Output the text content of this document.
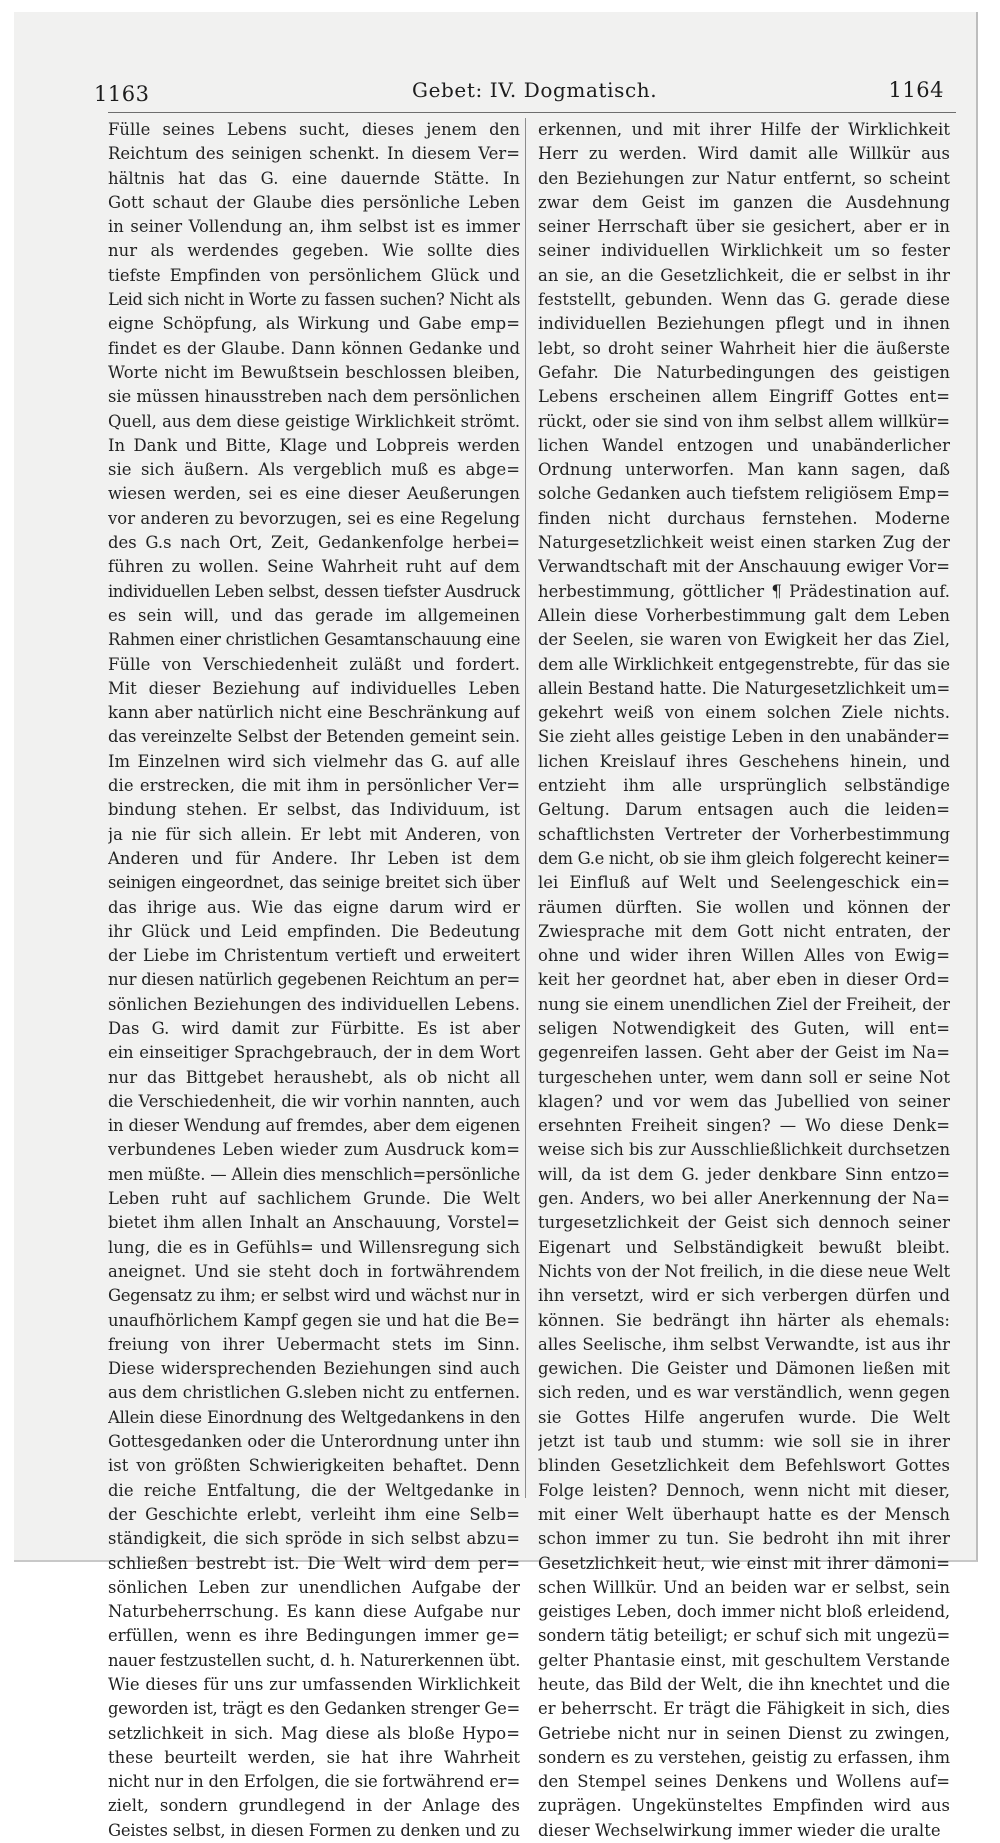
1163	Gebet: IV. Dogmatisch.	1164
Fülle seines Lebens sucht, dieses jenem den
Reichtum des seinigen schenkt. In diesem Ver=
hältnis hat das G. eine dauernde Stätte. In
Gott schaut der Glaube dies persönliche Leben
in seiner Vollendung an, ihm selbst ist es immer
nur als werdendes gegeben. Wie sollte dies
tiefste Empfinden von persönlichem Glück und
Leid sich nicht in Worte zu fassen suchen? Nicht als
eigne Schöpfung, als Wirkung und Gabe emp=
findet es der Glaube. Dann können Gedanke und
Worte nicht im Bewußtsein beschlossen bleiben,
sie müssen hinausstreben nach dem persönlichen
Quell, aus dem diese geistige Wirklichkeit strömt.
In Dank und Bitte, Klage und Lobpreis werden
sie sich äußern. Als vergeblich muß es abge=
wiesen werden, sei es eine dieser Aeußerungen
vor anderen zu bevorzugen, sei es eine Regelung
des G.s nach Ort, Zeit, Gedankenfolge herbei=
führen zu wollen. Seine Wahrheit ruht auf dem
individuellen Leben selbst, dessen tiefster Ausdruck
es sein will, und das gerade im allgemeinen
Rahmen einer christlichen Gesamtanschauung eine
Fülle von Verschiedenheit zuläßt und fordert.
Mit dieser Beziehung auf individuelles Leben
kann aber natürlich nicht eine Beschränkung auf
das vereinzelte Selbst der Betenden gemeint sein.
Im Einzelnen wird sich vielmehr das G. auf alle
die erstrecken, die mit ihm in persönlicher Ver=
bindung stehen. Er selbst, das Individuum, ist
ja nie für sich allein. Er lebt mit Anderen, von
Anderen und für Andere. Ihr Leben ist dem
seinigen eingeordnet, das seinige breitet sich über
das ihrige aus. Wie das eigne darum wird er
ihr Glück und Leid empfinden. Die Bedeutung
der Liebe im Christentum vertieft und erweitert
nur diesen natürlich gegebenen Reichtum an per=
sönlichen Beziehungen des individuellen Lebens.
Das G. wird damit zur Fürbitte. Es ist aber
ein einseitiger Sprachgebrauch, der in dem Wort
nur das Bittgebet heraushebt, als ob nicht all
die Verschiedenheit, die wir vorhin nannten, auch
in dieser Wendung auf fremdes, aber dem eigenen
verbundenes Leben wieder zum Ausdruck kom=
men müßte. — Allein dies menschlich=persönliche
Leben ruht auf sachlichem Grunde. Die Welt
bietet ihm allen Inhalt an Anschauung, Vorstel=
lung, die es in Gefühls= und Willensregung sich
aneignet. Und sie steht doch in fortwährendem
Gegensatz zu ihm; er selbst wird und wächst nur in
unaufhörlichem Kampf gegen sie und hat die Be=
freiung von ihrer Uebermacht stets im Sinn.
Diese widersprechenden Beziehungen sind auch
aus dem christlichen G.sleben nicht zu entfernen.
Allein diese Einordnung des Weltgedankens in den
Gottesgedanken oder die Unterordnung unter ihn
ist von größten Schwierigkeiten behaftet. Denn
die reiche Entfaltung, die der Weltgedanke in
der Geschichte erlebt, verleiht ihm eine Selb=
ständigkeit, die sich spröde in sich selbst abzu=
schließen bestrebt ist. Die Welt wird dem per=
sönlichen Leben zur unendlichen Aufgabe der
Naturbeherrschung. Es kann diese Aufgabe nur
erfüllen, wenn es ihre Bedingungen immer ge=
nauer festzustellen sucht, d. h. Naturerkennen übt.
Wie dieses für uns zur umfassenden Wirklichkeit
geworden ist, trägt es den Gedanken strenger Ge=
setzlichkeit in sich. Mag diese als bloße Hypo=
these beurteilt werden, sie hat ihre Wahrheit
nicht nur in den Erfolgen, die sie fortwährend er=
zielt, sondern grundlegend in der Anlage des
Geistes selbst, in diesen Formen zu denken und zu
erkennen, und mit ihrer Hilfe der Wirklichkeit
Herr zu werden. Wird damit alle Willkür aus
den Beziehungen zur Natur entfernt, so scheint
zwar dem Geist im ganzen die Ausdehnung
seiner Herrschaft über sie gesichert, aber er in
seiner individuellen Wirklichkeit um so fester
an sie, an die Gesetzlichkeit, die er selbst in ihr
feststellt, gebunden. Wenn das G. gerade diese
individuellen Beziehungen pflegt und in ihnen
lebt, so droht seiner Wahrheit hier die äußerste
Gefahr. Die Naturbedingungen des geistigen
Lebens erscheinen allem Eingriff Gottes ent=
rückt, oder sie sind von ihm selbst allem willkür=
lichen Wandel entzogen und unabänderlicher
Ordnung unterworfen. Man kann sagen, daß
solche Gedanken auch tiefstem religiösem Emp=
finden nicht durchaus fernstehen. Moderne
Naturgesetzlichkeit weist einen starken Zug der
Verwandtschaft mit der Anschauung ewiger Vor=
herbestimmung, göttlicher ¶ Prädestination auf.
Allein diese Vorherbestimmung galt dem Leben
der Seelen, sie waren von Ewigkeit her das Ziel,
dem alle Wirklichkeit entgegenstrebte, für das sie
allein Bestand hatte. Die Naturgesetzlichkeit um=
gekehrt weiß von einem solchen Ziele nichts.
Sie zieht alles geistige Leben in den unabänder=
lichen Kreislauf ihres Geschehens hinein, und
entzieht ihm alle ursprünglich selbständige
Geltung. Darum entsagen auch die leiden=
schaftlichsten Vertreter der Vorherbestimmung
dem G.e nicht, ob sie ihm gleich folgerecht keiner=
lei Einfluß auf Welt und Seelengeschick ein=
räumen dürften. Sie wollen und können der
Zwiesprache mit dem Gott nicht entraten, der
ohne und wider ihren Willen Alles von Ewig=
keit her geordnet hat, aber eben in dieser Ord=
nung sie einem unendlichen Ziel der Freiheit, der
seligen Notwendigkeit des Guten, will ent=
gegenreifen lassen. Geht aber der Geist im Na=
turgeschehen unter, wem dann soll er seine Not
klagen? und vor wem das Jubellied von seiner
ersehnten Freiheit singen? — Wo diese Denk=
weise sich bis zur Ausschließlichkeit durchsetzen
will, da ist dem G. jeder denkbare Sinn entzo=
gen. Anders, wo bei aller Anerkennung der Na=
turgesetzlichkeit der Geist sich dennoch seiner
Eigenart und Selbständigkeit bewußt bleibt.
Nichts von der Not freilich, in die diese neue Welt
ihn versetzt, wird er sich verbergen dürfen und
können. Sie bedrängt ihn härter als ehemals:
alles Seelische, ihm selbst Verwandte, ist aus ihr
gewichen. Die Geister und Dämonen ließen mit
sich reden, und es war verständlich, wenn gegen
sie Gottes Hilfe angerufen wurde. Die Welt
jetzt ist taub und stumm: wie soll sie in ihrer
blinden Gesetzlichkeit dem Befehlswort Gottes
Folge leisten? Dennoch, wenn nicht mit dieser,
mit einer Welt überhaupt hatte es der Mensch
schon immer zu tun. Sie bedroht ihn mit ihrer
Gesetzlichkeit heut, wie einst mit ihrer dämoni=
schen Willkür. Und an beiden war er selbst, sein
geistiges Leben, doch immer nicht bloß erleidend,
sondern tätig beteiligt; er schuf sich mit ungezü=
gelter Phantasie einst, mit geschultem Verstande
heute, das Bild der Welt, die ihn knechtet und die
er beherrscht. Er trägt die Fähigkeit in sich, dies
Getriebe nicht nur in seinen Dienst zu zwingen,
sondern es zu verstehen, geistig zu erfassen, ihm
den Stempel seines Denkens und Wollens auf=
zuprägen. Ungekünsteltes Empfinden wird aus
dieser Wechselwirkung immer wieder die uralte
